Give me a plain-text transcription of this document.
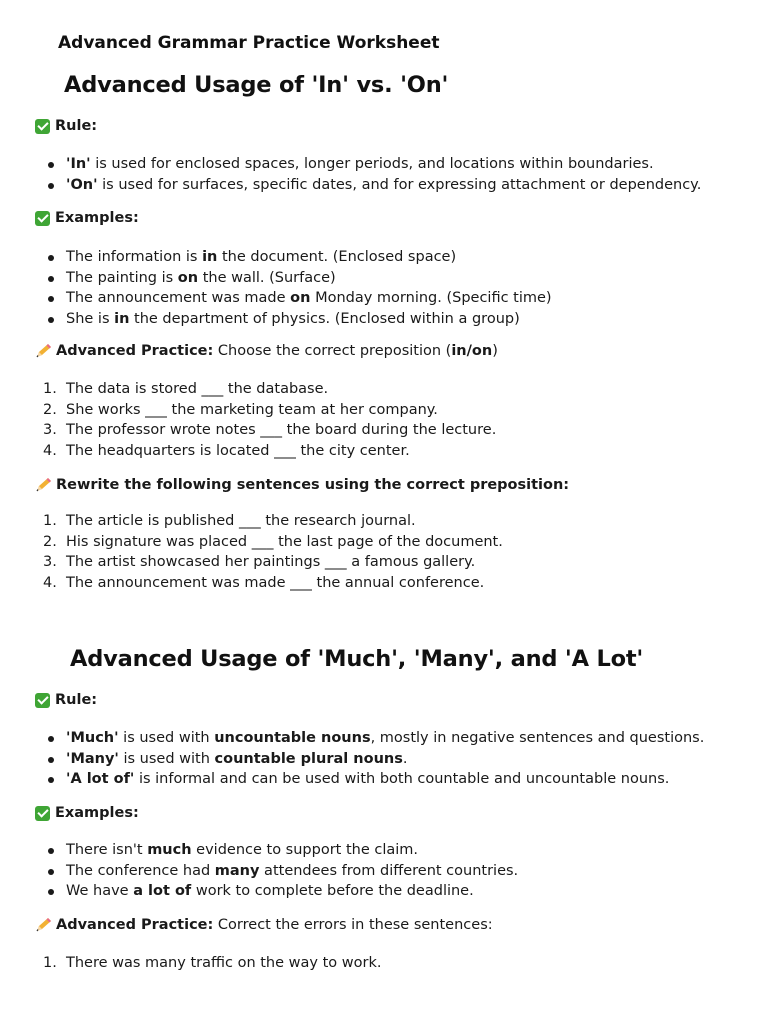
Advanced Grammar Practice Worksheet
Advanced Usage of 'In' vs. 'On'
Rule:
'In' is used for enclosed spaces, longer periods, and locations within boundaries.
'On' is used for surfaces, specific dates, and for expressing attachment or dependency.
Examples:
The information is in the document. (Enclosed space)
The painting is on the wall. (Surface)
The announcement was made on Monday morning. (Specific time)
She is in the department of physics. (Enclosed within a group)
Advanced Practice: Choose the correct preposition ( in/on )
1. The data is stored ___ the database.
2. She works ___ the marketing team at her company.
3. The professor wrote notes ___ the board during the lecture.
4. The headquarters is located ___ the city center.
Rewrite the following sentences using the correct preposition:
1. The article is published ___ the research journal.
2. His signature was placed ___ the last page of the document.
3. The artist showcased her paintings ___ a famous gallery.
4. The announcement was made ___ the annual conference.
Advanced Usage of 'Much', 'Many', and 'A Lot'
Rule:
'Much' is used with uncountable nouns, mostly in negative sentences and questions.
'Many' is used with countable plural nouns.
'A lot of' is informal and can be used with both countable and uncountable nouns.
Examples:
There isn't much evidence to support the claim.
The conference had many attendees from different countries.
We have a lot of work to complete before the deadline.
Advanced Practice: Correct the errors in these sentences:
1. There was many traffic on the way to work.
